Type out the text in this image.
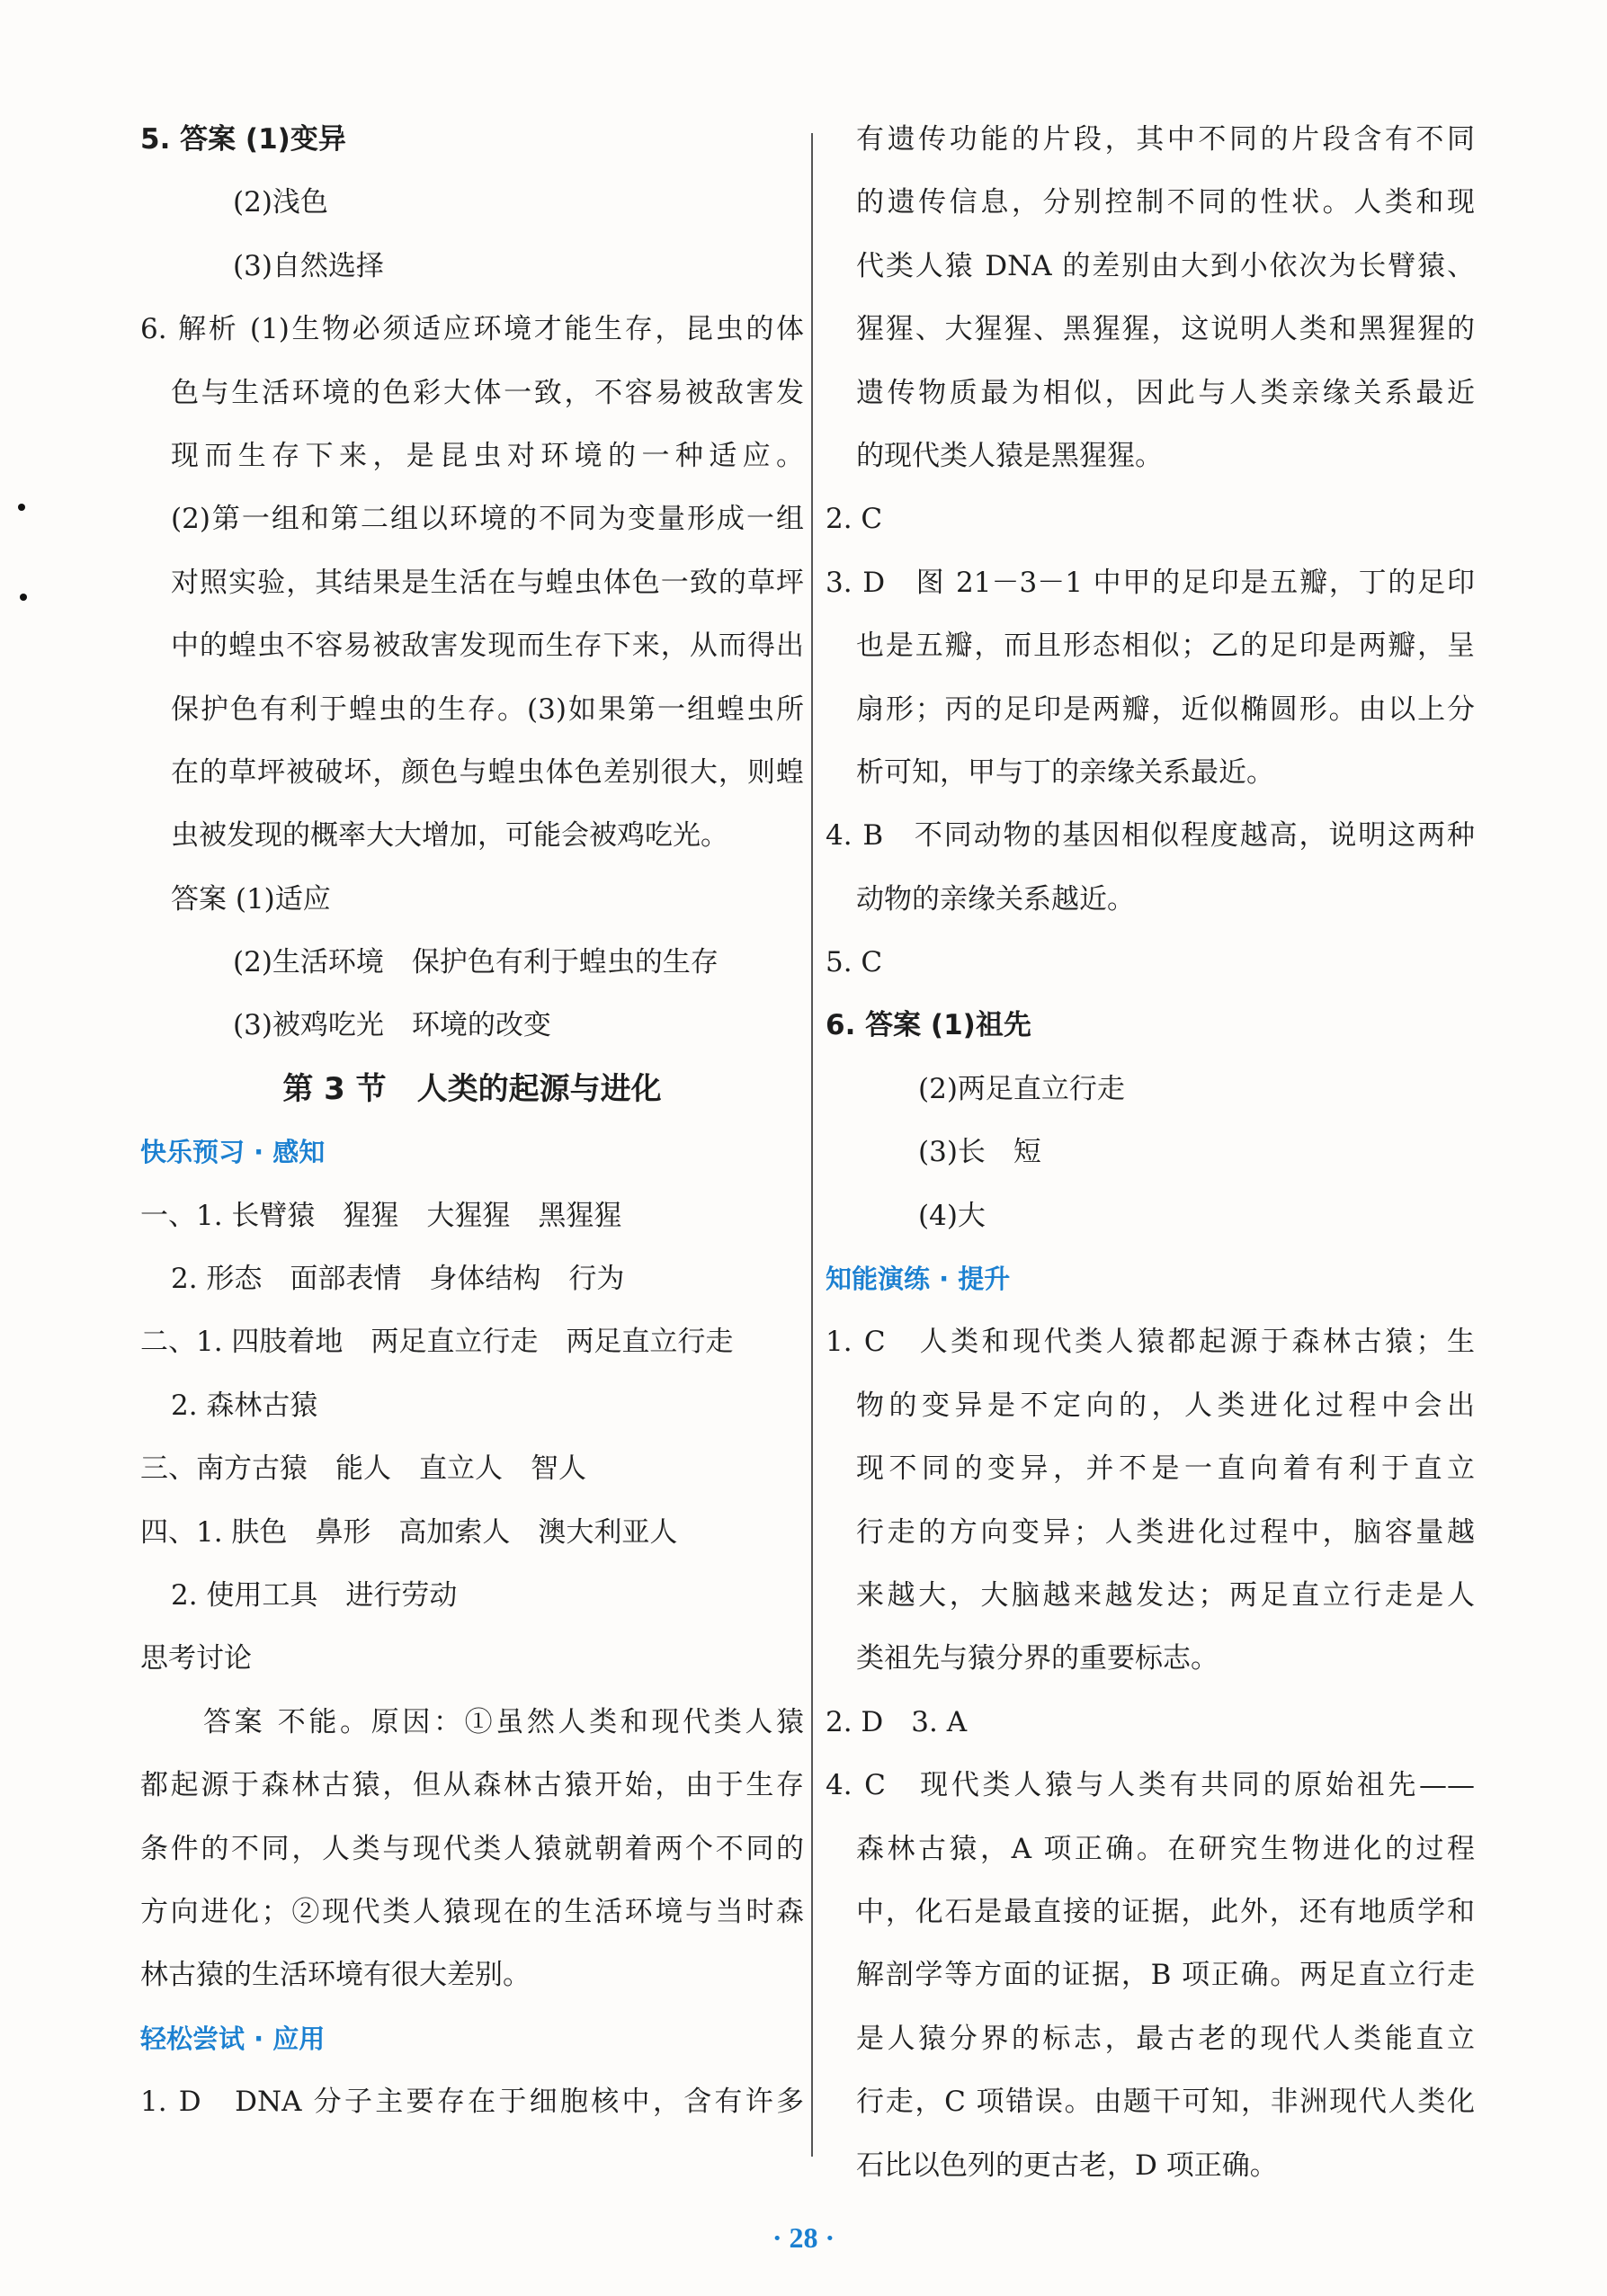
5. 答案 (1)变异
(2)浅色
(3)自然选择
6. 解析 (1)生物必须适应环境才能生存，昆虫的体
色与生活环境的色彩大体一致，不容易被敌害发
现而生存下来，是昆虫对环境的一种适应。
(2)第一组和第二组以环境的不同为变量形成一组
对照实验，其结果是生活在与蝗虫体色一致的草坪
中的蝗虫不容易被敌害发现而生存下来，从而得出
保护色有利于蝗虫的生存。(3)如果第一组蝗虫所
在的草坪被破坏，颜色与蝗虫体色差别很大，则蝗
虫被发现的概率大大增加，可能会被鸡吃光。
答案 (1)适应
(2)生活环境　保护色有利于蝗虫的生存
(3)被鸡吃光　环境的改变
第 3 节　人类的起源与进化
快乐预习 · 感知
一、1. 长臂猿　猩猩　大猩猩　黑猩猩
2. 形态　面部表情　身体结构　行为
二、1. 四肢着地　两足直立行走　两足直立行走
2. 森林古猿
三、南方古猿　能人　直立人　智人
四、1. 肤色　鼻形　高加索人　澳大利亚人
2. 使用工具　进行劳动
思考讨论
答案 不能。原因：①虽然人类和现代类人猿
都起源于森林古猿，但从森林古猿开始，由于生存
条件的不同，人类与现代类人猿就朝着两个不同的
方向进化；②现代类人猿现在的生活环境与当时森
林古猿的生活环境有很大差别。
轻松尝试 · 应用
1. D　DNA 分子主要存在于细胞核中，含有许多
有遗传功能的片段，其中不同的片段含有不同
的遗传信息，分别控制不同的性状。人类和现
代类人猿 DNA 的差别由大到小依次为长臂猿、
猩猩、大猩猩、黑猩猩，这说明人类和黑猩猩的
遗传物质最为相似，因此与人类亲缘关系最近
的现代类人猿是黑猩猩。
2. C
3. D　图 21－3－1 中甲的足印是五瓣，丁的足印
也是五瓣，而且形态相似；乙的足印是两瓣，呈
扇形；丙的足印是两瓣，近似椭圆形。由以上分
析可知，甲与丁的亲缘关系最近。
4. B　不同动物的基因相似程度越高，说明这两种
动物的亲缘关系越近。
5. C
6. 答案 (1)祖先
(2)两足直立行走
(3)长　短
(4)大
知能演练 · 提升
1. C　人类和现代类人猿都起源于森林古猿；生
物的变异是不定向的，人类进化过程中会出
现不同的变异，并不是一直向着有利于直立
行走的方向变异；人类进化过程中，脑容量越
来越大，大脑越来越发达；两足直立行走是人
类祖先与猿分界的重要标志。
2. D　3. A
4. C　现代类人猿与人类有共同的原始祖先——
森林古猿，A 项正确。在研究生物进化的过程
中，化石是最直接的证据，此外，还有地质学和
解剖学等方面的证据，B 项正确。两足直立行走
是人猿分界的标志，最古老的现代人类能直立
行走，C 项错误。由题干可知，非洲现代人类化
石比以色列的更古老，D 项正确。
· 28 ·
